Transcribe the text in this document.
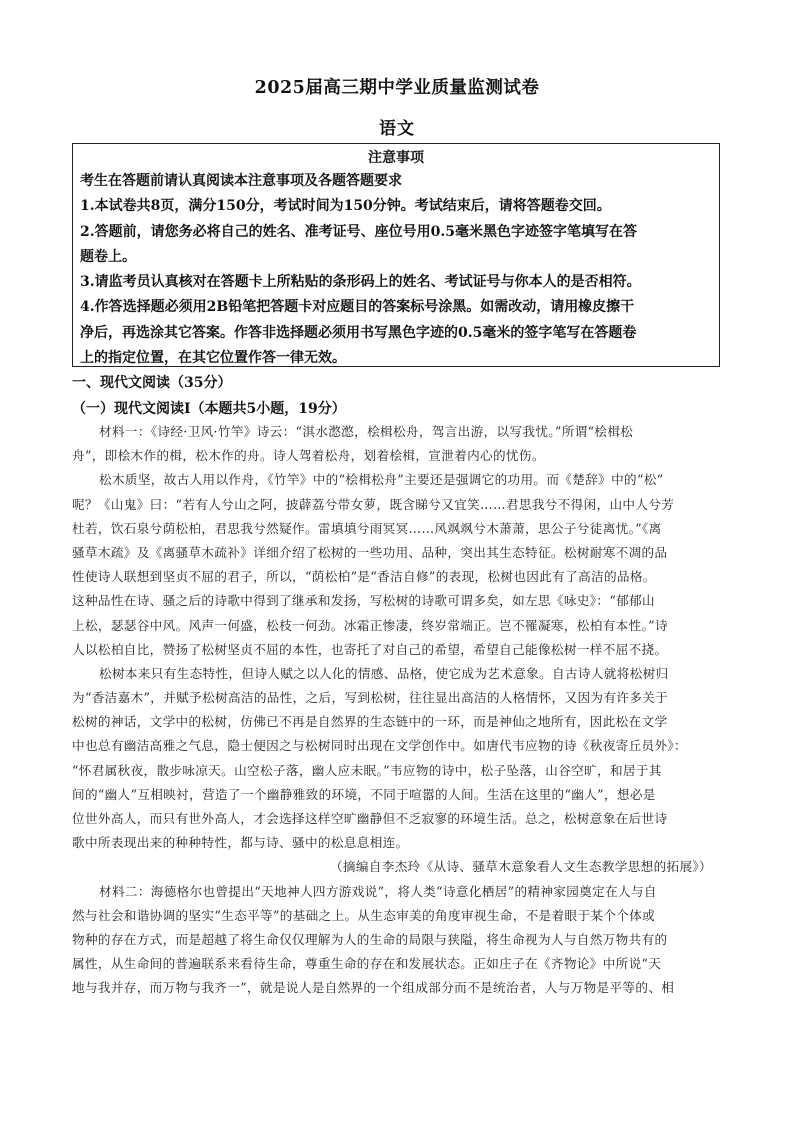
2025届高三期中学业质量监测试卷
语文
注意事项
考生在答题前请认真阅读本注意事项及各题答题要求
1.本试卷共8页，满分150分，考试时间为150分钟。考试结束后，请将答题卷交回。
2.答题前，请您务必将自己的姓名、准考证号、座位号用0.5毫米黑色字迹签字笔填写在答
题卷上。
3.请监考员认真核对在答题卡上所粘贴的条形码上的姓名、考试证号与你本人的是否相符。
4.作答选择题必须用2B铅笔把答题卡对应题目的答案标号涂黑。如需改动，请用橡皮擦干
净后，再选涂其它答案。作答非选择题必须用书写黑色字迹的0.5毫米的签字笔写在答题卷
上的指定位置，在其它位置作答一律无效。
一、现代文阅读（35分）
（一）现代文阅读Ⅰ（本题共5小题，19分）
材料一：《诗经·卫风·竹竿》诗云：“淇水滺滺，桧楫松舟，驾言出游，以写我忧。”所谓“桧楫松
舟”，即桧木作的楫，松木作的舟。诗人驾着松舟，划着桧楫，宣泄着内心的忧伤。
松木质坚，故古人用以作舟，《竹竿》中的“桧楫松舟”主要还是强调它的功用。而《楚辞》中的“松”
呢？《山鬼》曰：“若有人兮山之阿，披薜荔兮带女萝，既含睇兮又宜笑……君思我兮不得闲，山中人兮芳
杜若，饮石泉兮荫松柏，君思我兮然疑作。雷填填兮雨冥冥……风飒飒兮木萧萧，思公子兮徒离忧。”《离
骚草木疏》及《离骚草木疏补》详细介绍了松树的一些功用、品种，突出其生态特征。松树耐寒不凋的品
性使诗人联想到坚贞不屈的君子，所以，“荫松柏”是“香洁自修”的表现，松树也因此有了高洁的品格。
这种品性在诗、骚之后的诗歌中得到了继承和发扬，写松树的诗歌可谓多矣，如左思《咏史》：“郁郁山
上松，瑟瑟谷中风。风声一何盛，松枝一何劲。冰霜正惨凄，终岁常端正。岂不罹凝寒，松柏有本性。”诗
人以松柏自比，赞扬了松树坚贞不屈的本性，也寄托了对自己的希望，希望自己能像松树一样不屈不挠。
松树本来只有生态特性，但诗人赋之以人化的情感、品格，使它成为艺术意象。自古诗人就将松树归
为“香洁嘉木”，并赋予松树高洁的品性，之后，写到松树，往往显出高洁的人格情怀，又因为有许多关于
松树的神话，文学中的松树，仿佛已不再是自然界的生态链中的一环，而是神仙之地所有，因此松在文学
中也总有幽洁高雅之气息，隐士便因之与松树同时出现在文学创作中。如唐代韦应物的诗《秋夜寄丘员外》：
“怀君属秋夜，散步咏凉天。山空松子落，幽人应未眠。”韦应物的诗中，松子坠落，山谷空旷，和居于其
间的“幽人”互相映衬，营造了一个幽静雅致的环境，不同于喧嚣的人间。生活在这里的“幽人”，想必是
位世外高人，而只有世外高人，才会选择这样空旷幽静但不乏寂寥的环境生活。总之，松树意象在后世诗
歌中所表现出来的种种特性，都与诗、骚中的松息息相连。
（摘编自李杰玲《从诗、骚草木意象看人文生态教学思想的拓展》）
材料二：海德格尔也曾提出“天地神人四方游戏说”，将人类“诗意化栖居”的精神家园奠定在人与自
然与社会和谐协调的坚实“生态平等”的基础之上。从生态审美的角度审视生命，不是着眼于某个个体或
物种的存在方式，而是超越了将生命仅仅理解为人的生命的局限与狭隘，将生命视为人与自然万物共有的
属性，从生命间的普遍联系来看待生命，尊重生命的存在和发展状态。正如庄子在《齐物论》中所说“天
地与我并存，而万物与我齐一”，就是说人是自然界的一个组成部分而不是统治者，人与万物是平等的、相
